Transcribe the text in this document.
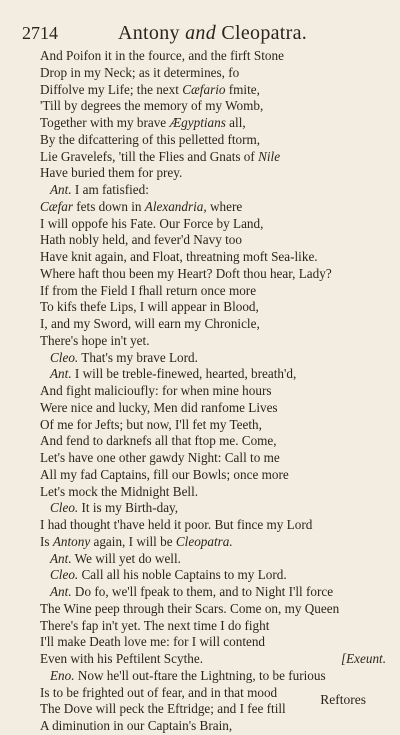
2714	Antony and Cleopatra.
And Poifon it in the fource, and the firft Stone
Drop in my Neck; as it determines, fo
Diffolve my Life; the next Cæfario fmite,
'Till by degrees the memory of my Womb,
Together with my brave Ægyptians all,
By the difcattering of this pelletted ftorm,
Lie Gravelefs, 'till the Flies and Gnats of Nile
Have buried them for prey.
Ant. I am fatisfied:
Cæfar fets down in Alexandria, where
I will oppofe his Fate. Our Force by Land,
Hath nobly held, and fever'd Navy too
Have knit again, and Float, threatning moft Sea-like.
Where haft thou been my Heart? Doft thou hear, Lady?
If from the Field I fhall return once more
To kifs thefe Lips, I will appear in Blood,
I, and my Sword, will earn my Chronicle,
There's hope in't yet.
Cleo. That's my brave Lord.
Ant. I will be treble-finewed, hearted, breath'd,
And fight malicioufly: for when mine hours
Were nice and lucky, Men did ranfome Lives
Of me for Jefts; but now, I'll fet my Teeth,
And fend to darknefs all that ftop me. Come,
Let's have one other gawdy Night: Call to me
All my fad Captains, fill our Bowls; once more
Let's mock the Midnight Bell.
Cleo. It is my Birth-day,
I had thought t'have held it poor. But fince my Lord
Is Antony again, I will be Cleopatra.
Ant. We will yet do well.
Cleo. Call all his noble Captains to my Lord.
Ant. Do fo, we'll fpeak to them, and to Night I'll force
The Wine peep through their Scars. Come on, my Queen
There's fap in't yet. The next time I do fight
I'll make Death love me: for I will contend
Even with his Peftilent Scythe.	[Exeunt.
Eno. Now he'll out-ftare the Lightning, to be furious
Is to be frighted out of fear, and in that mood
The Dove will peck the Eftridge; and I fee ftill
A diminution in our Captain's Brain,
Reftores
